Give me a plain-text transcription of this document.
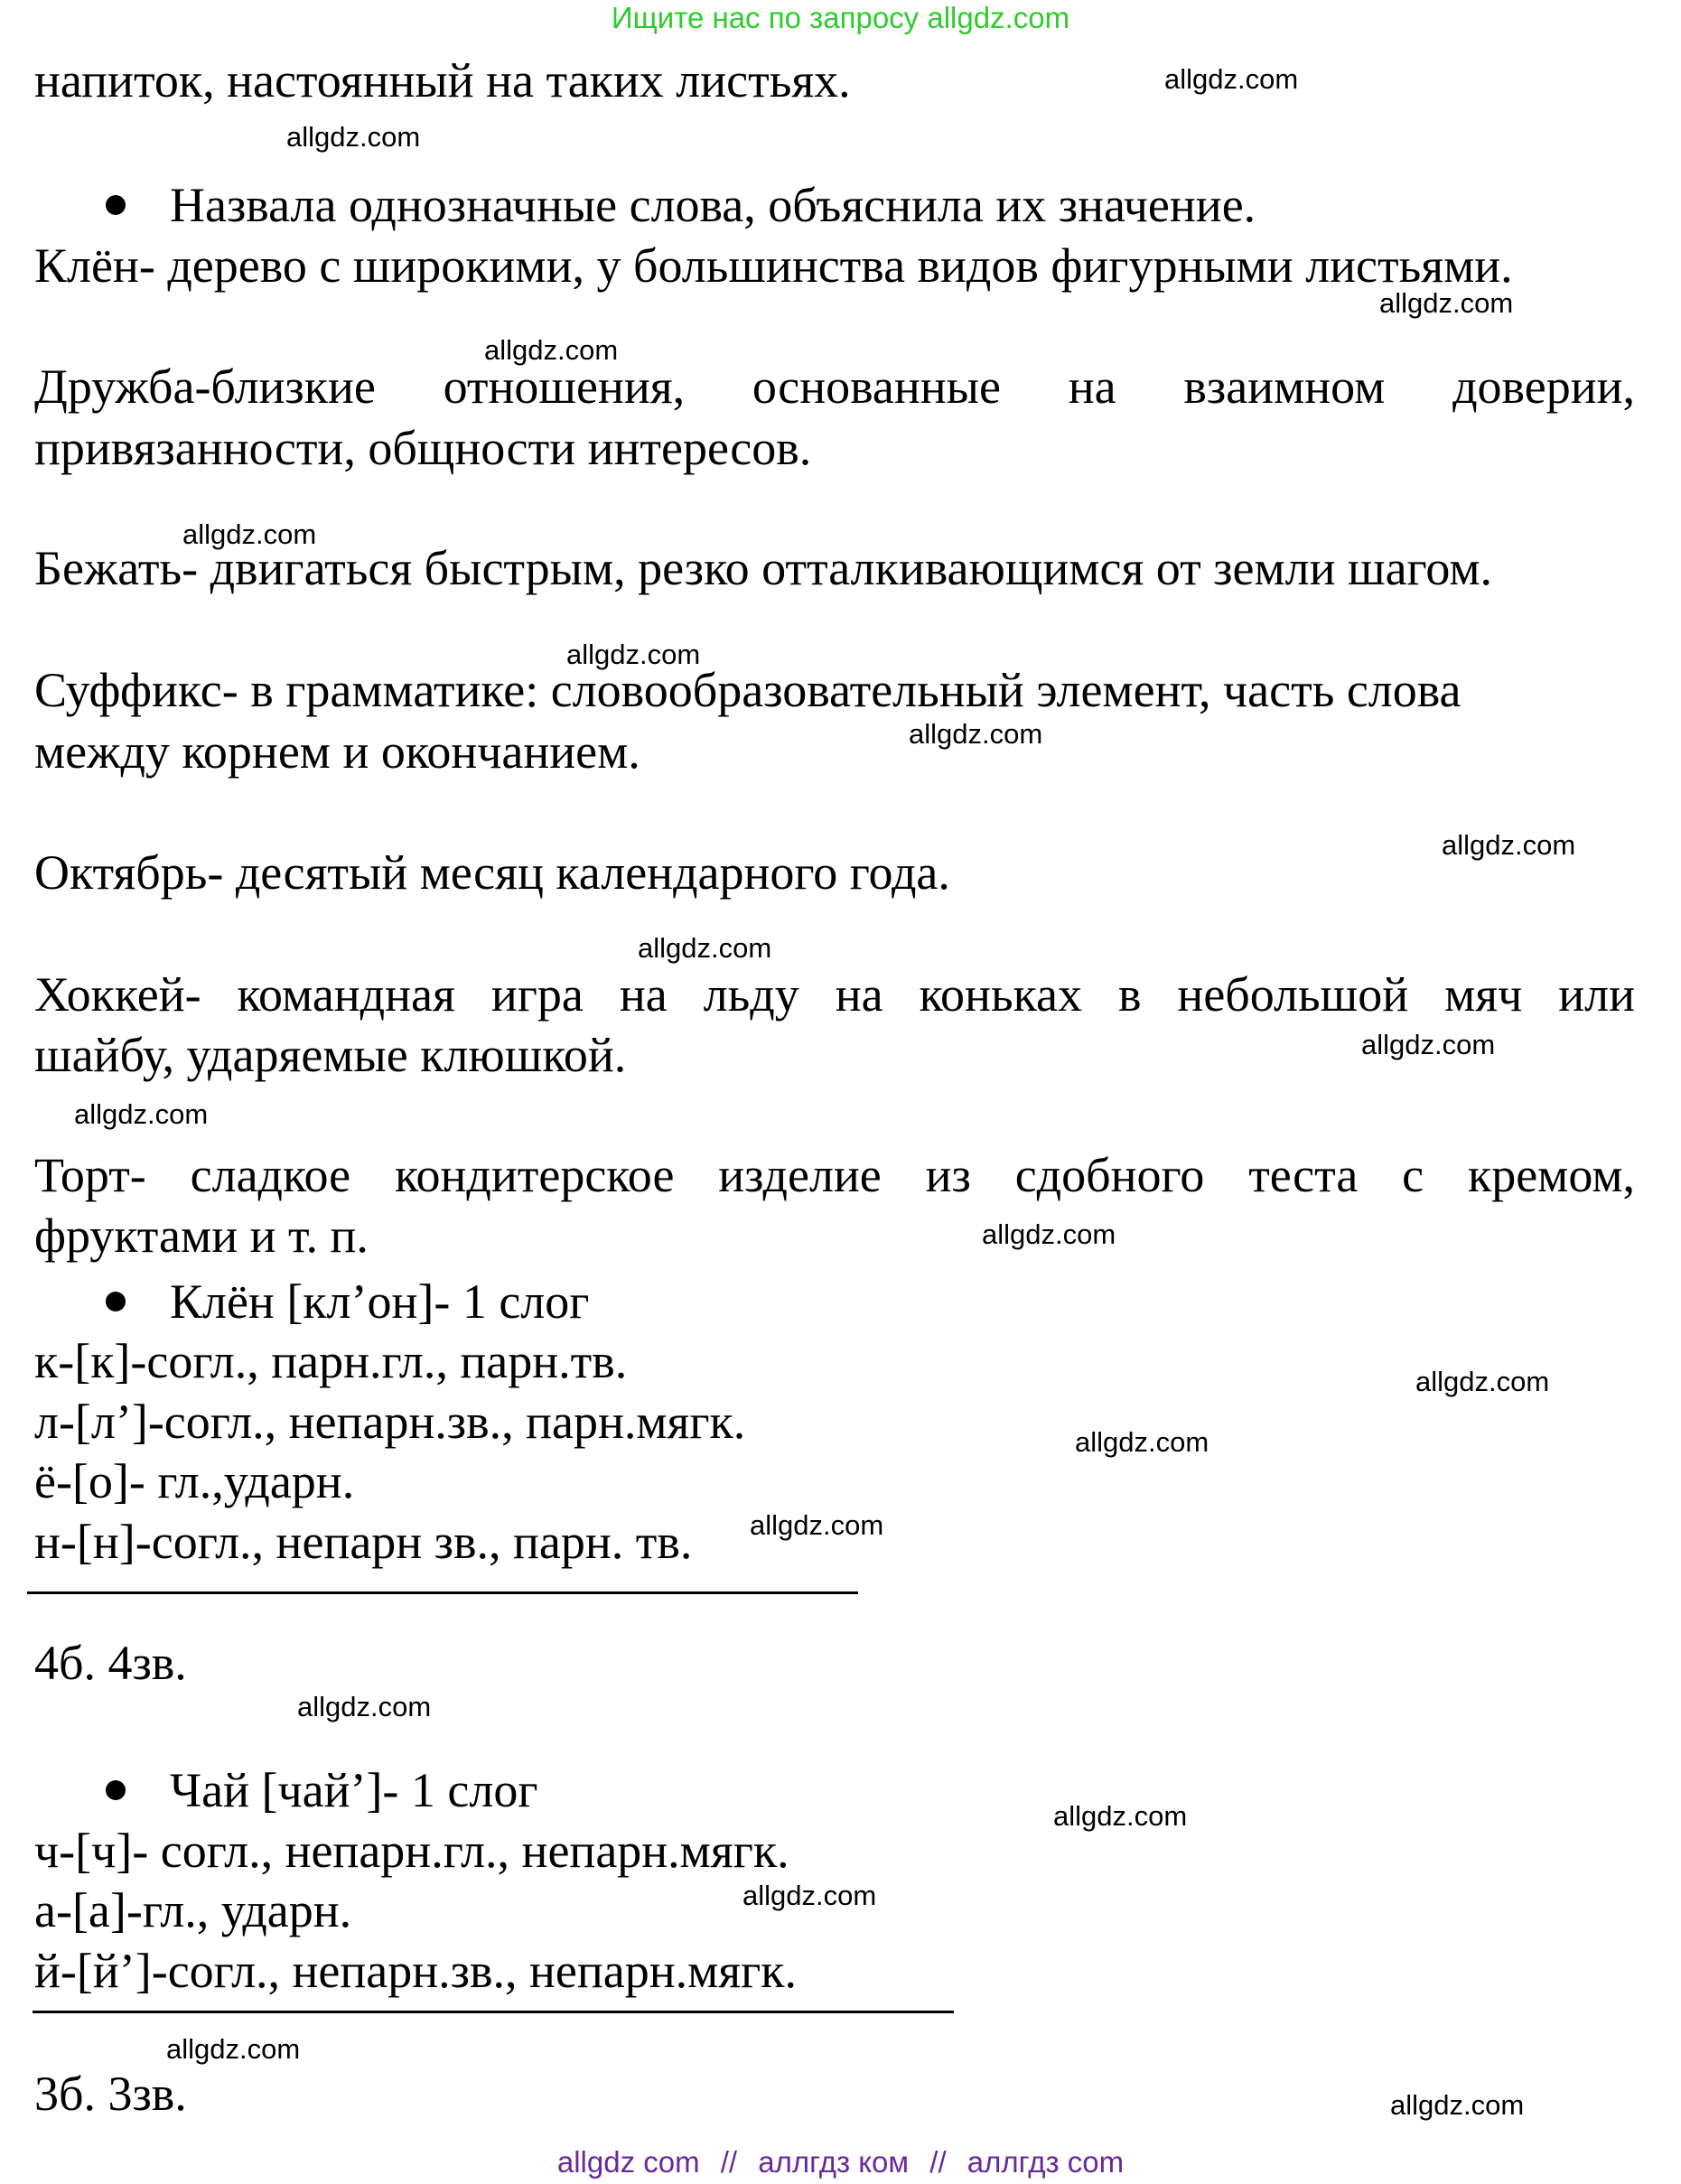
Ищите нас по запросу allgdz.com
напиток, настоянный на таких листьях.
Назвала однозначные слова, объяснила их значение.
Клён- дерево с широкими, у большинства видов фигурными листьями.
Дружба-близкие отношения, основанные на взаимном доверии,
привязанности, общности интересов.
Бежать- двигаться быстрым, резко отталкивающимся от земли шагом.
Суффикс- в грамматике: словообразовательный элемент, часть слова
между корнем и окончанием.
Октябрь- десятый месяц календарного года.
Хоккей- командная игра на льду на коньках в небольшой мяч или
шайбу, ударяемые клюшкой.
Торт- сладкое кондитерское изделие из сдобного теста с кремом,
фруктами и т. п.
Клён [кл’он]- 1 слог
к-[к]-согл., парн.гл., парн.тв.
л-[л’]-согл., непарн.зв., парн.мягк.
ё-[о]- гл.,ударн.
н-[н]-согл., непарн зв., парн. тв.
4б. 4зв.
Чай [чай’]- 1 слог
ч-[ч]- согл., непарн.гл., непарн.мягк.
а-[а]-гл., ударн.
й-[й’]-согл., непарн.зв., непарн.мягк.
3б. 3зв.
allgdz.com
allgdz.com
allgdz.com
allgdz.com
allgdz.com
allgdz.com
allgdz.com
allgdz.com
allgdz.com
allgdz.com
allgdz.com
allgdz.com
allgdz.com
allgdz.com
allgdz.com
allgdz.com
allgdz.com
allgdz.com
allgdz.com
allgdz.com
allgdz com // аллгдз ком // аллгдз com
